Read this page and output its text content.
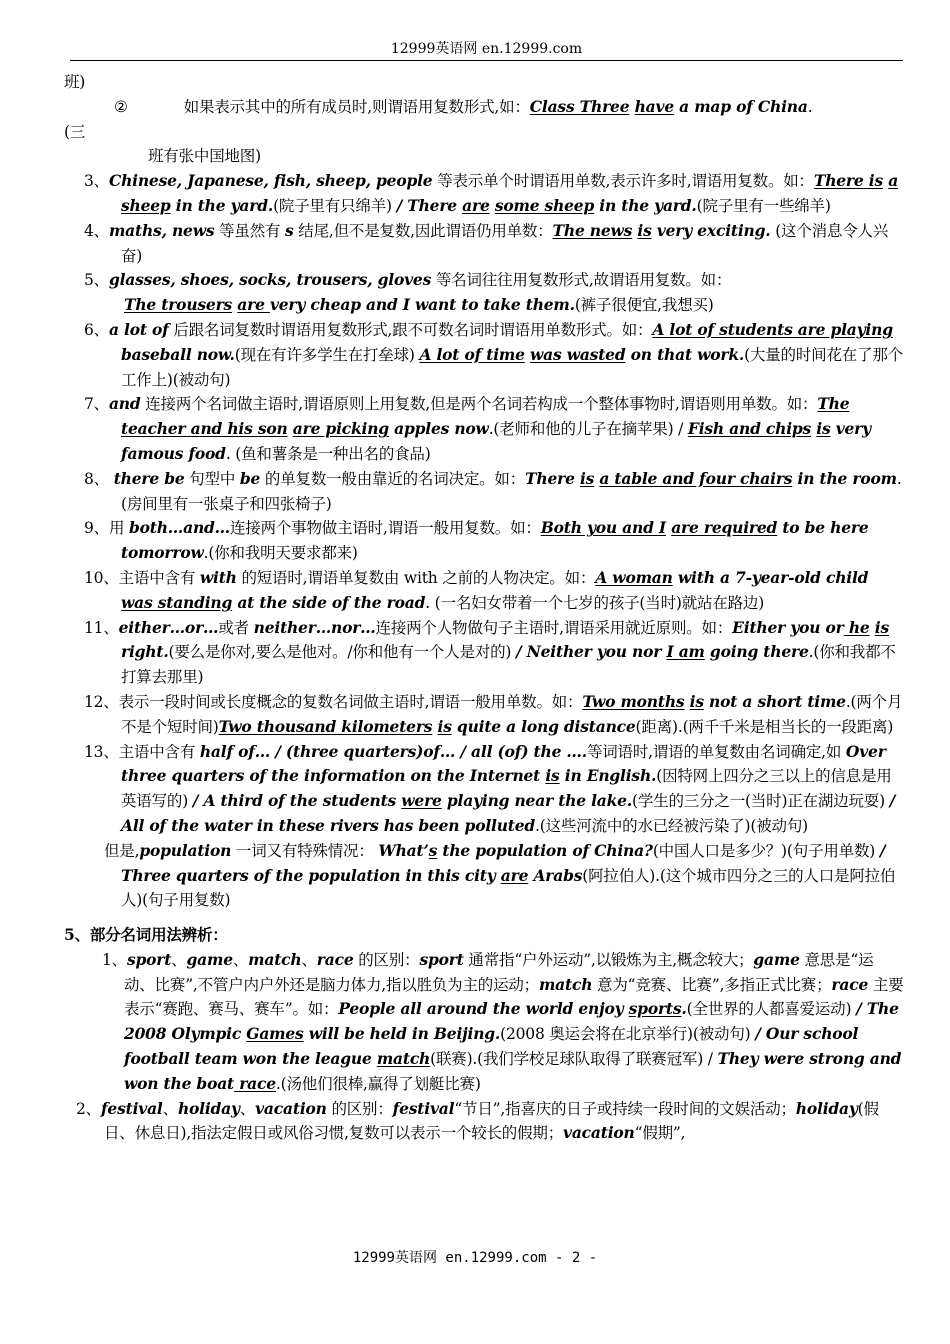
12999英语网 en.12999.com

班)

②	如果表示其中的所有成员时,则谓语用复数形式,如：Class Three have a map of China.

(三

班有张中国地图)

3、Chinese, Japanese, fish, sheep, people 等表示单个时谓语用单数,表示许多时,谓语用复数。如：There is a sheep in the yard.(院子里有只绵羊) / There are some sheep in the yard.(院子里有一些绵羊)

4、maths, news 等虽然有 s 结尾,但不是复数,因此谓语仍用单数：The news is very exciting. (这个消息令人兴奋)

5、glasses, shoes, socks, trousers, gloves 等名词往往用复数形式,故谓语用复数。如：
The trousers are very cheap and I want to take them.(裤子很便宜,我想买)

6、a lot of 后跟名词复数时谓语用复数形式,跟不可数名词时谓语用单数形式。如：A lot of students are playing baseball now.(现在有许多学生在打垒球) A lot of time was wasted on that work.(大量的时间花在了那个工作上)(被动句)

7、and 连接两个名词做主语时,谓语原则上用复数,但是两个名词若构成一个整体事物时,谓语则用单数。如：The teacher and his son are picking apples now.(老师和他的儿子在摘苹果) / Fish and chips is very famous food. (鱼和薯条是一种出名的食品)

8、 there be 句型中 be 的单复数一般由靠近的名词决定。如：There is a table and four chairs in the room.(房间里有一张桌子和四张椅子)

9、用 both…and…连接两个事物做主语时,谓语一般用复数。如：Both you and I are required to be here tomorrow.(你和我明天要求都来)

10、主语中含有 with 的短语时,谓语单复数由 with 之前的人物决定。如：A woman with a 7-year-old child was standing at the side of the road. (一名妇女带着一个七岁的孩子(当时)就站在路边)

11、either…or…或者 neither…nor…连接两个人物做句子主语时,谓语采用就近原则。如：Either you or he is right.(要么是你对,要么是他对。/你和他有一个人是对的) / Neither you nor I am going there.(你和我都不打算去那里)

12、表示一段时间或长度概念的复数名词做主语时,谓语一般用单数。如：Two months is not a short time.(两个月不是个短时间)Two thousand kilometers is quite a long distance(距离).(两千千米是相当长的一段距离)

13、主语中含有 half of… / (three quarters)of… / all (of) the ….等词语时,谓语的单复数由名词确定,如 Over three quarters of the information on the Internet is in English.(因特网上四分之三以上的信息是用英语写的) / A third of the students were playing near the lake.(学生的三分之一(当时)正在湖边玩耍) / All of the water in these rivers has been polluted.(这些河流中的水已经被污染了)(被动句)

但是,population 一词又有特殊情况： What’s the population of China?(中国人口是多少？)(句子用单数) / Three quarters of the population in this city are Arabs(阿拉伯人).(这个城市四分之三的人口是阿拉伯人)(句子用复数)

5、部分名词用法辨析：

1、sport、game、match、race 的区别：sport 通常指“户外运动”,以锻炼为主,概念较大；game 意思是“运动、比赛”,不管户内户外还是脑力体力,指以胜负为主的运动；match 意为“竞赛、比赛”,多指正式比赛；race 主要表示“赛跑、赛马、赛车”。如：People all around the world enjoy sports.(全世界的人都喜爱运动) / The 2008 Olympic Games will be held in Beijing.(2008 奥运会将在北京举行)(被动句) / Our school football team won the league match(联赛).(我们学校足球队取得了联赛冠军) / They were strong and won the boat race.(汤他们很棒,赢得了划艇比赛)

2、festival、holiday、vacation 的区别：festival“节日”,指喜庆的日子或持续一段时间的文娱活动；holiday(假日、休息日),指法定假日或风俗习惯,复数可以表示一个较长的假期；vacation“假期”,

12999英语网 en.12999.com - 2 -
